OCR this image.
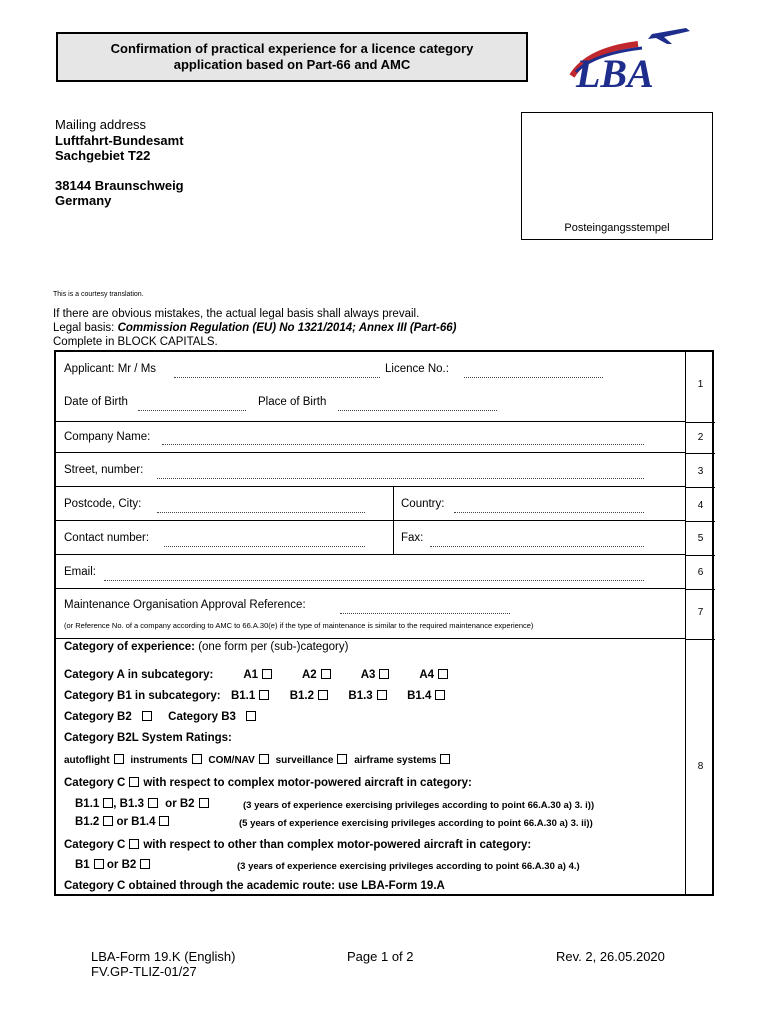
Confirmation of practical experience for a licence category
application based on Part-66 and AMC	LBA
Mailing address
Luftfahrt-Bundesamt
Sachgebiet T22
38144 Braunschweig
Germany
Posteingangsstempel
This is a courtesy translation.
If there are obvious mistakes, the actual legal basis shall always prevail.
Legal basis: Commission Regulation (EU) No 1321/2014; Annex III (Part-66)
Complete in BLOCK CAPITALS.
1
2
3
4
5
6
7
8
Applicant: Mr / Ms	Licence No.:
Date of Birth	Place of Birth
Company Name:
Street, number:
Postcode, City:	Country:
Contact number:	Fax:
Email:
Maintenance Organisation Approval Reference:
(or Reference No. of a company according to AMC to 66.A.30(e) if the type of maintenance is similar to the required maintenance experience)
Category of experience: (one form per (sub-)category)
Category A in subcategory:	A1	A2	A3	A4
Category B1 in subcategory: B1.1	B1.2	B1.3	B1.4
Category B2	Category B3
Category B2L System Ratings:
autoflight instruments COM/NAV surveillance airframe systems
Category C with respect to complex motor-powered aircraft in category:
B1.1 , B1.3 or B2	(3 years of experience exercising privileges according to point 66.A.30 a) 3. i))
B1.2 or B1.4	(5 years of experience exercising privileges according to point 66.A.30 a) 3. ii))
Category C with respect to other than complex motor-powered aircraft in category:
B1 or B2	(3 years of experience exercising privileges according to point 66.A.30 a) 4.)
Category C obtained through the academic route: use LBA-Form 19.A
LBA-Form 19.K (English)
FV.GP-TLIZ-01/27
Page 1 of 2	Rev. 2, 26.05.2020
